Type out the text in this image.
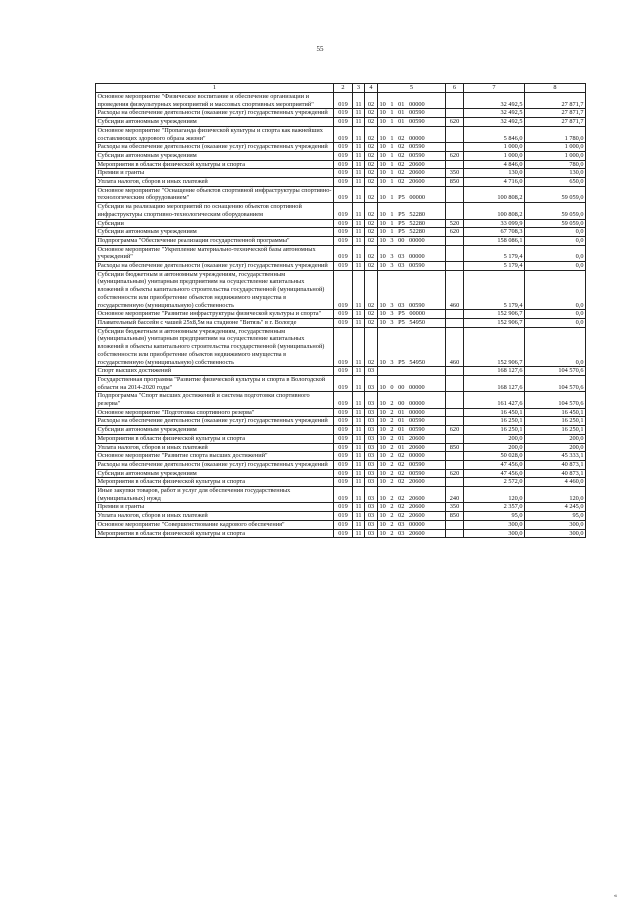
55
1	2	3	4	5	6	7	8
Основное мероприятие "Физическое воспитание и обеспечение организации и проведения физкультурных мероприятий и массовых спортивных мероприятий"	019	11	02	10 1 01 00000		32 492,5	27 871,7
Расходы на обеспечение деятельности (оказание услуг) государственных учреждений	019	11	02	10 1 01 00590		32 492,5	27 871,7
Субсидии автономным учреждениям	019	11	02	10 1 01 00590	620	32 492,5	27 871,7
Основное мероприятие "Пропаганда физической культуры и спорта как важнейших составляющих здорового образа жизни"	019	11	02	10 1 02 00000		5 846,0	1 780,0
Расходы на обеспечение деятельности (оказание услуг) государственных учреждений	019	11	02	10 1 02 00590		1 000,0	1 000,0
Субсидии автономным учреждениям	019	11	02	10 1 02 00590	620	1 000,0	1 000,0
Мероприятия в области физической культуры и спорта	019	11	02	10 1 02 20600		4 846,0	780,0
Премии и гранты	019	11	02	10 1 02 20600	350	130,0	130,0
Уплата налогов, сборов и иных платежей	019	11	02	10 1 02 20600	850	4 716,0	650,0
Основное мероприятие "Оснащение объектов спортивной инфраструктуры спортивно-технологическим оборудованием"	019	11	02	10 1 P5 00000		100 808,2	59 059,0
Субсидии на реализацию мероприятий по оснащению объектов спортивной инфраструктуры спортивно-технологическим оборудованием	019	11	02	10 1 P5 52280		100 808,2	59 059,0
Субсидии	019	11	02	10 1 P5 52280	520	33 099,9	59 059,0
Субсидии автономным учреждениям	019	11	02	10 1 P5 52280	620	67 708,3	0,0
Подпрограмма "Обеспечение реализации государственной программы"	019	11	02	10 3 00 00000		158 086,1	0,0
Основное мероприятие "Укрепление материально-технической базы автономных учреждений"	019	11	02	10 3 03 00000		5 179,4	0,0
Расходы на обеспечение деятельности (оказание услуг) государственных учреждений	019	11	02	10 3 03 00590		5 179,4	0,0
Субсидии бюджетным и автономным учреждениям, государственным (муниципальным) унитарным предприятиям на осуществление капитальных вложений в объекты капитального строительства государственной (муниципальной) собственности или приобретение объектов недвижимого имущества в государственную (муниципальную) собственность	019	11	02	10 3 03 00590	460	5 179,4	0,0
Основное мероприятие "Развитие инфраструктуры физической культуры и спорта"	019	11	02	10 3 P5 00000		152 906,7	0,0
Плавательный бассейн с чашей 25х8,5м на стадионе "Витязь" в г. Вологде	019	11	02	10 3 P5 54950		152 906,7	0,0
Субсидии бюджетным и автономным учреждениям, государственным (муниципальным) унитарным предприятиям на осуществление капитальных вложений в объекты капитального строительства государственной (муниципальной) собственности или приобретение объектов недвижимого имущества в государственную (муниципальную) собственность	019	11	02	10 3 P5 54950	460	152 906,7	0,0
Спорт высших достижений	019	11	03			168 127,6	104 570,6
Государственная программа "Развитие физической культуры и спорта в Вологодской области на 2014-2020 годы"	019	11	03	10 0 00 00000		168 127,6	104 570,6
Подпрограмма "Спорт высших достижений и система подготовки спортивного резерва"	019	11	03	10 2 00 00000		161 427,6	104 570,6
Основное мероприятие "Подготовка спортивного резерва"	019	11	03	10 2 01 00000		16 450,1	16 450,1
Расходы на обеспечение деятельности (оказание услуг) государственных учреждений	019	11	03	10 2 01 00590		16 250,1	16 250,1
Субсидии автономным учреждениям	019	11	03	10 2 01 00590	620	16 250,1	16 250,1
Мероприятия в области физической культуры и спорта	019	11	03	10 2 01 20600		200,0	200,0
Уплата налогов, сборов и иных платежей	019	11	03	10 2 01 20600	850	200,0	200,0
Основное мероприятие "Развитие спорта высших достижений"	019	11	03	10 2 02 00000		50 028,0	45 333,1
Расходы на обеспечение деятельности (оказание услуг) государственных учреждений	019	11	03	10 2 02 00590		47 456,0	40 873,1
Субсидии автономным учреждениям	019	11	03	10 2 02 00590	620	47 456,0	40 873,1
Мероприятия в области физической культуры и спорта	019	11	03	10 2 02 20600		2 572,0	4 460,0
Иные закупки товаров, работ и услуг для обеспечения государственных (муниципальных) нужд	019	11	03	10 2 02 20600	240	120,0	120,0
Премии и гранты	019	11	03	10 2 02 20600	350	2 357,0	4 245,0
Уплата налогов, сборов и иных платежей	019	11	03	10 2 02 20600	850	95,0	95,0
Основное мероприятие "Совершенствование кадрового обеспечения"	019	11	03	10 2 03 00000		300,0	300,0
Мероприятия в области физической культуры и спорта	019	11	03	10 2 03 20600		300,0	300,0
«
